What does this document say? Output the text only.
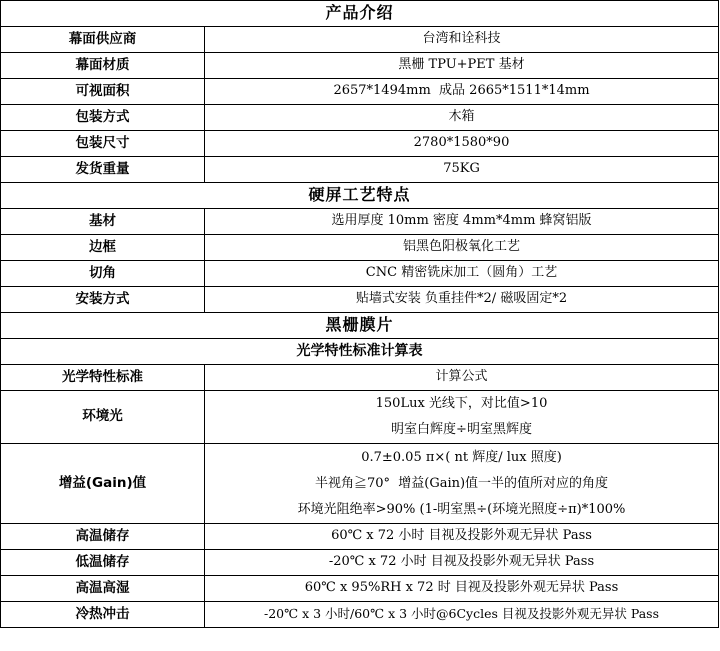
产品介绍	
幕面供应商	台湾和诠科技
幕面材质	黑栅 TPU+PET 基材
可视面积	2657*1494mm  成品 2665*1511*14mm
包装方式	木箱
包装尺寸	2780*1580*90
发货重量	75KG
硬屏工艺特点	
基材	选用厚度 10mm 密度 4mm*4mm 蜂窝铝版
边框	铝黑色阳极氧化工艺
切角	CNC 精密铣床加工（圆角）工艺
安装方式	贴墙式安装 负重挂件*2/ 磁吸固定*2
黑栅膜片	
光学特性标准计算表	
光学特性标准	计算公式
环境光	150Lux 光线下，对比值>10
明室白辉度÷明室黑辉度

增益(Gain)值	0.7±0.05 π×( nt 辉度/ lux 照度)
半视角≧70°  增益(Gain)值一半的值所对应的角度
环境光阻绝率>90% (1-明室黑÷(环境光照度÷π)*100%

高温储存	60℃ x 72 小时 目视及投影外观无异状 Pass
低温储存	-20℃ x 72 小时 目视及投影外观无异状 Pass
高温高湿	60℃ x 95%RH x 72 时 目视及投影外观无异状 Pass
冷热冲击	-20℃ x 3 小时/60℃ x 3 小时@6Cycles 目视及投影外观无异状 Pass
